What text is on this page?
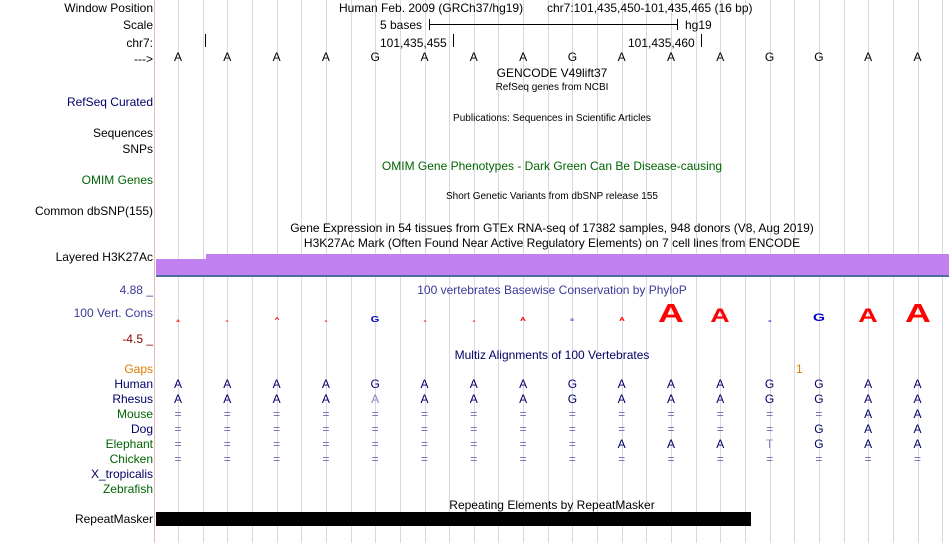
Window Position	Human Feb. 2009 (GRCh37/hg19) chr7:101,435,450-101,435,465 (16 bp)
Scale	5 bases	hg19
chr7:	101,435,455	101,435,460
---> A	A	A	A	G	A	A	A	G	A	A	A	G	G	A	A
GENCODE V49lift37
RefSeq genes from NCBI
RefSeq Curated
Publications: Sequences in Scientific Articles
Sequences
SNPs
OMIM Gene Phenotypes - Dark Green Can Be Disease-causing
OMIM Genes
Short Genetic Variants from dbSNP release 155
Common dbSNP(155)
Gene Expression in 54 tissues from GTEx RNA-seq of 17382 samples, 948 donors (V8, Aug 2019)
H3K27Ac Mark (Often Found Near Active Regulatory Elements) on 7 cell lines from ENCODE
Layered H3K27Ac
4.88 _	100 vertebrates Basewise Conservation by PhyloP
100 Vert. Cons
-4.5 _
A	A	A	A	G	A	A	A	G	A A A	G	G A A
Multiz Alignments of 100 Vertebrates
Gaps	1
Human A	A	A	A	G	A	A	A	G	A	A	A	G	G	A	A
Rhesus A	A	A	A	A	A	A	A	G	A	A	A	G	G	A	A
Mouse =	=	=	=	=	=	=	=	=	=	=	=	=	=	A	A
Dog =	=	=	=	=	=	=	=	=	=	=	=	=	G	A	A
Elephant =	=	=	=	=	=	=	=	=	A	A	A	T	G	A	A
Chicken =	=	=	=	=	=	=	=	=	=	=	=	=	=	=	=
X_tropicalis
Zebrafish
Repeating Elements by RepeatMasker
RepeatMasker
